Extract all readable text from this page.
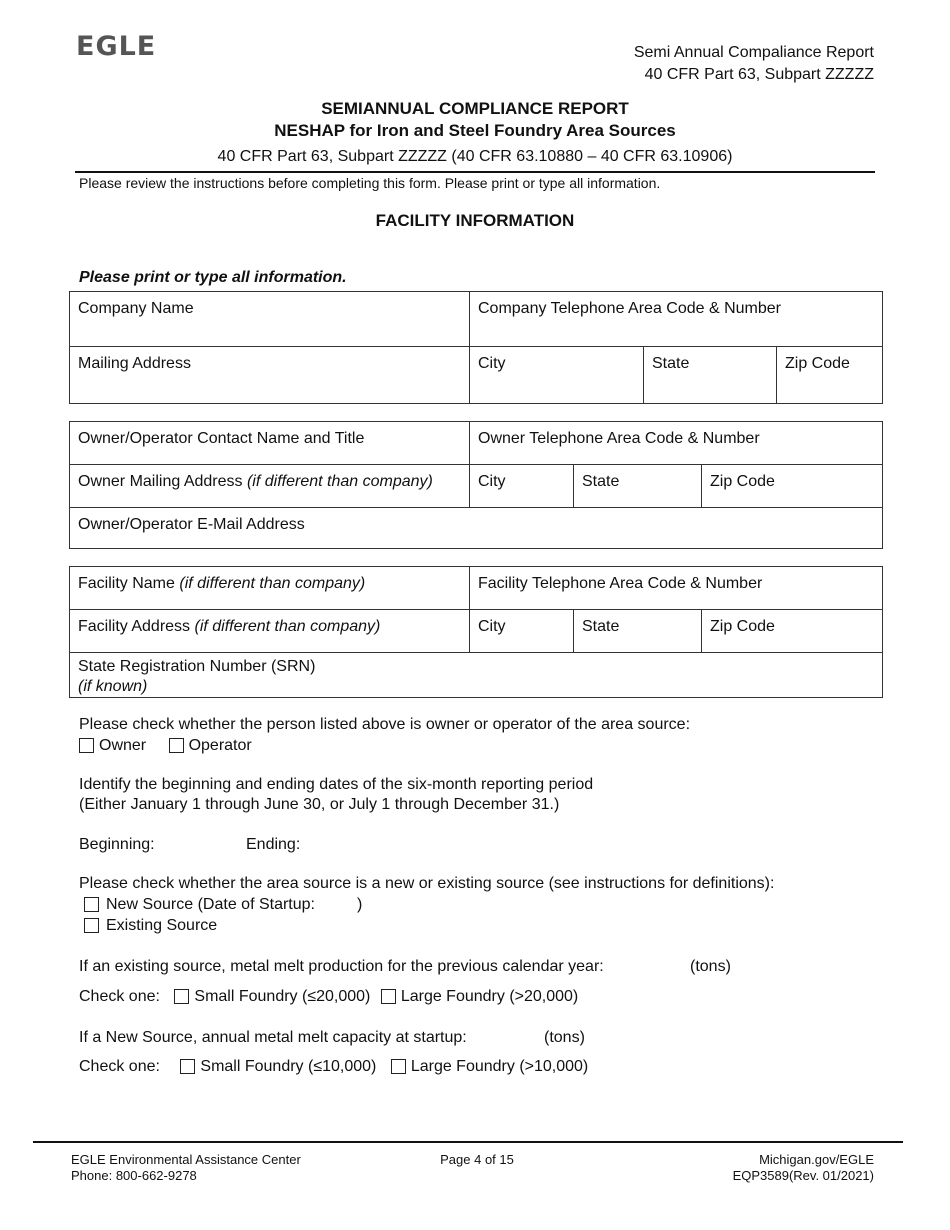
EGLE	Semi Annual Compaliance Report
40 CFR Part 63, Subpart ZZZZZ
SEMIANNUAL COMPLIANCE REPORT
NESHAP for Iron and Steel Foundry Area Sources
40 CFR Part 63, Subpart ZZZZZ (40 CFR 63.10880 – 40 CFR 63.10906)
Please review the instructions before completing this form. Please print or type all information.
FACILITY INFORMATION
Please print or type all information.
Company Name	Company Telephone Area Code & Number		
Mailing Address	City	State	Zip Code
Owner/Operator Contact Name and Title	Owner Telephone Area Code & Number		
Owner Mailing Address (if different than company)	City	State	Zip Code
Owner/Operator E-Mail Address			
Facility Name (if different than company)	Facility Telephone Area Code & Number		
Facility Address (if different than company)	City	State	Zip Code

State Registration Number (SRN)
(if known)			
Please check whether the person listed above is owner or operator of the area source:
Owner	Operator
Identify the beginning and ending dates of the six-month reporting period
(Either January 1 through June 30, or July 1 through December 31.)
Beginning:	Ending:
Please check whether the area source is a new or existing source (see instructions for definitions):
New Source (Date of Startup:	)
Existing Source
If an existing source, metal melt production for the previous calendar year:	(tons)
Check one: Small Foundry (≤20,000) Large Foundry (>20,000)
If a New Source, annual metal melt capacity at startup:	(tons)
Check one:	Small Foundry (≤10,000) Large Foundry (>10,000)
EGLE Environmental Assistance Center
Phone: 800-662-9278
Page 4 of 15	Michigan.gov/EGLE
EQP3589(Rev. 01/2021)
